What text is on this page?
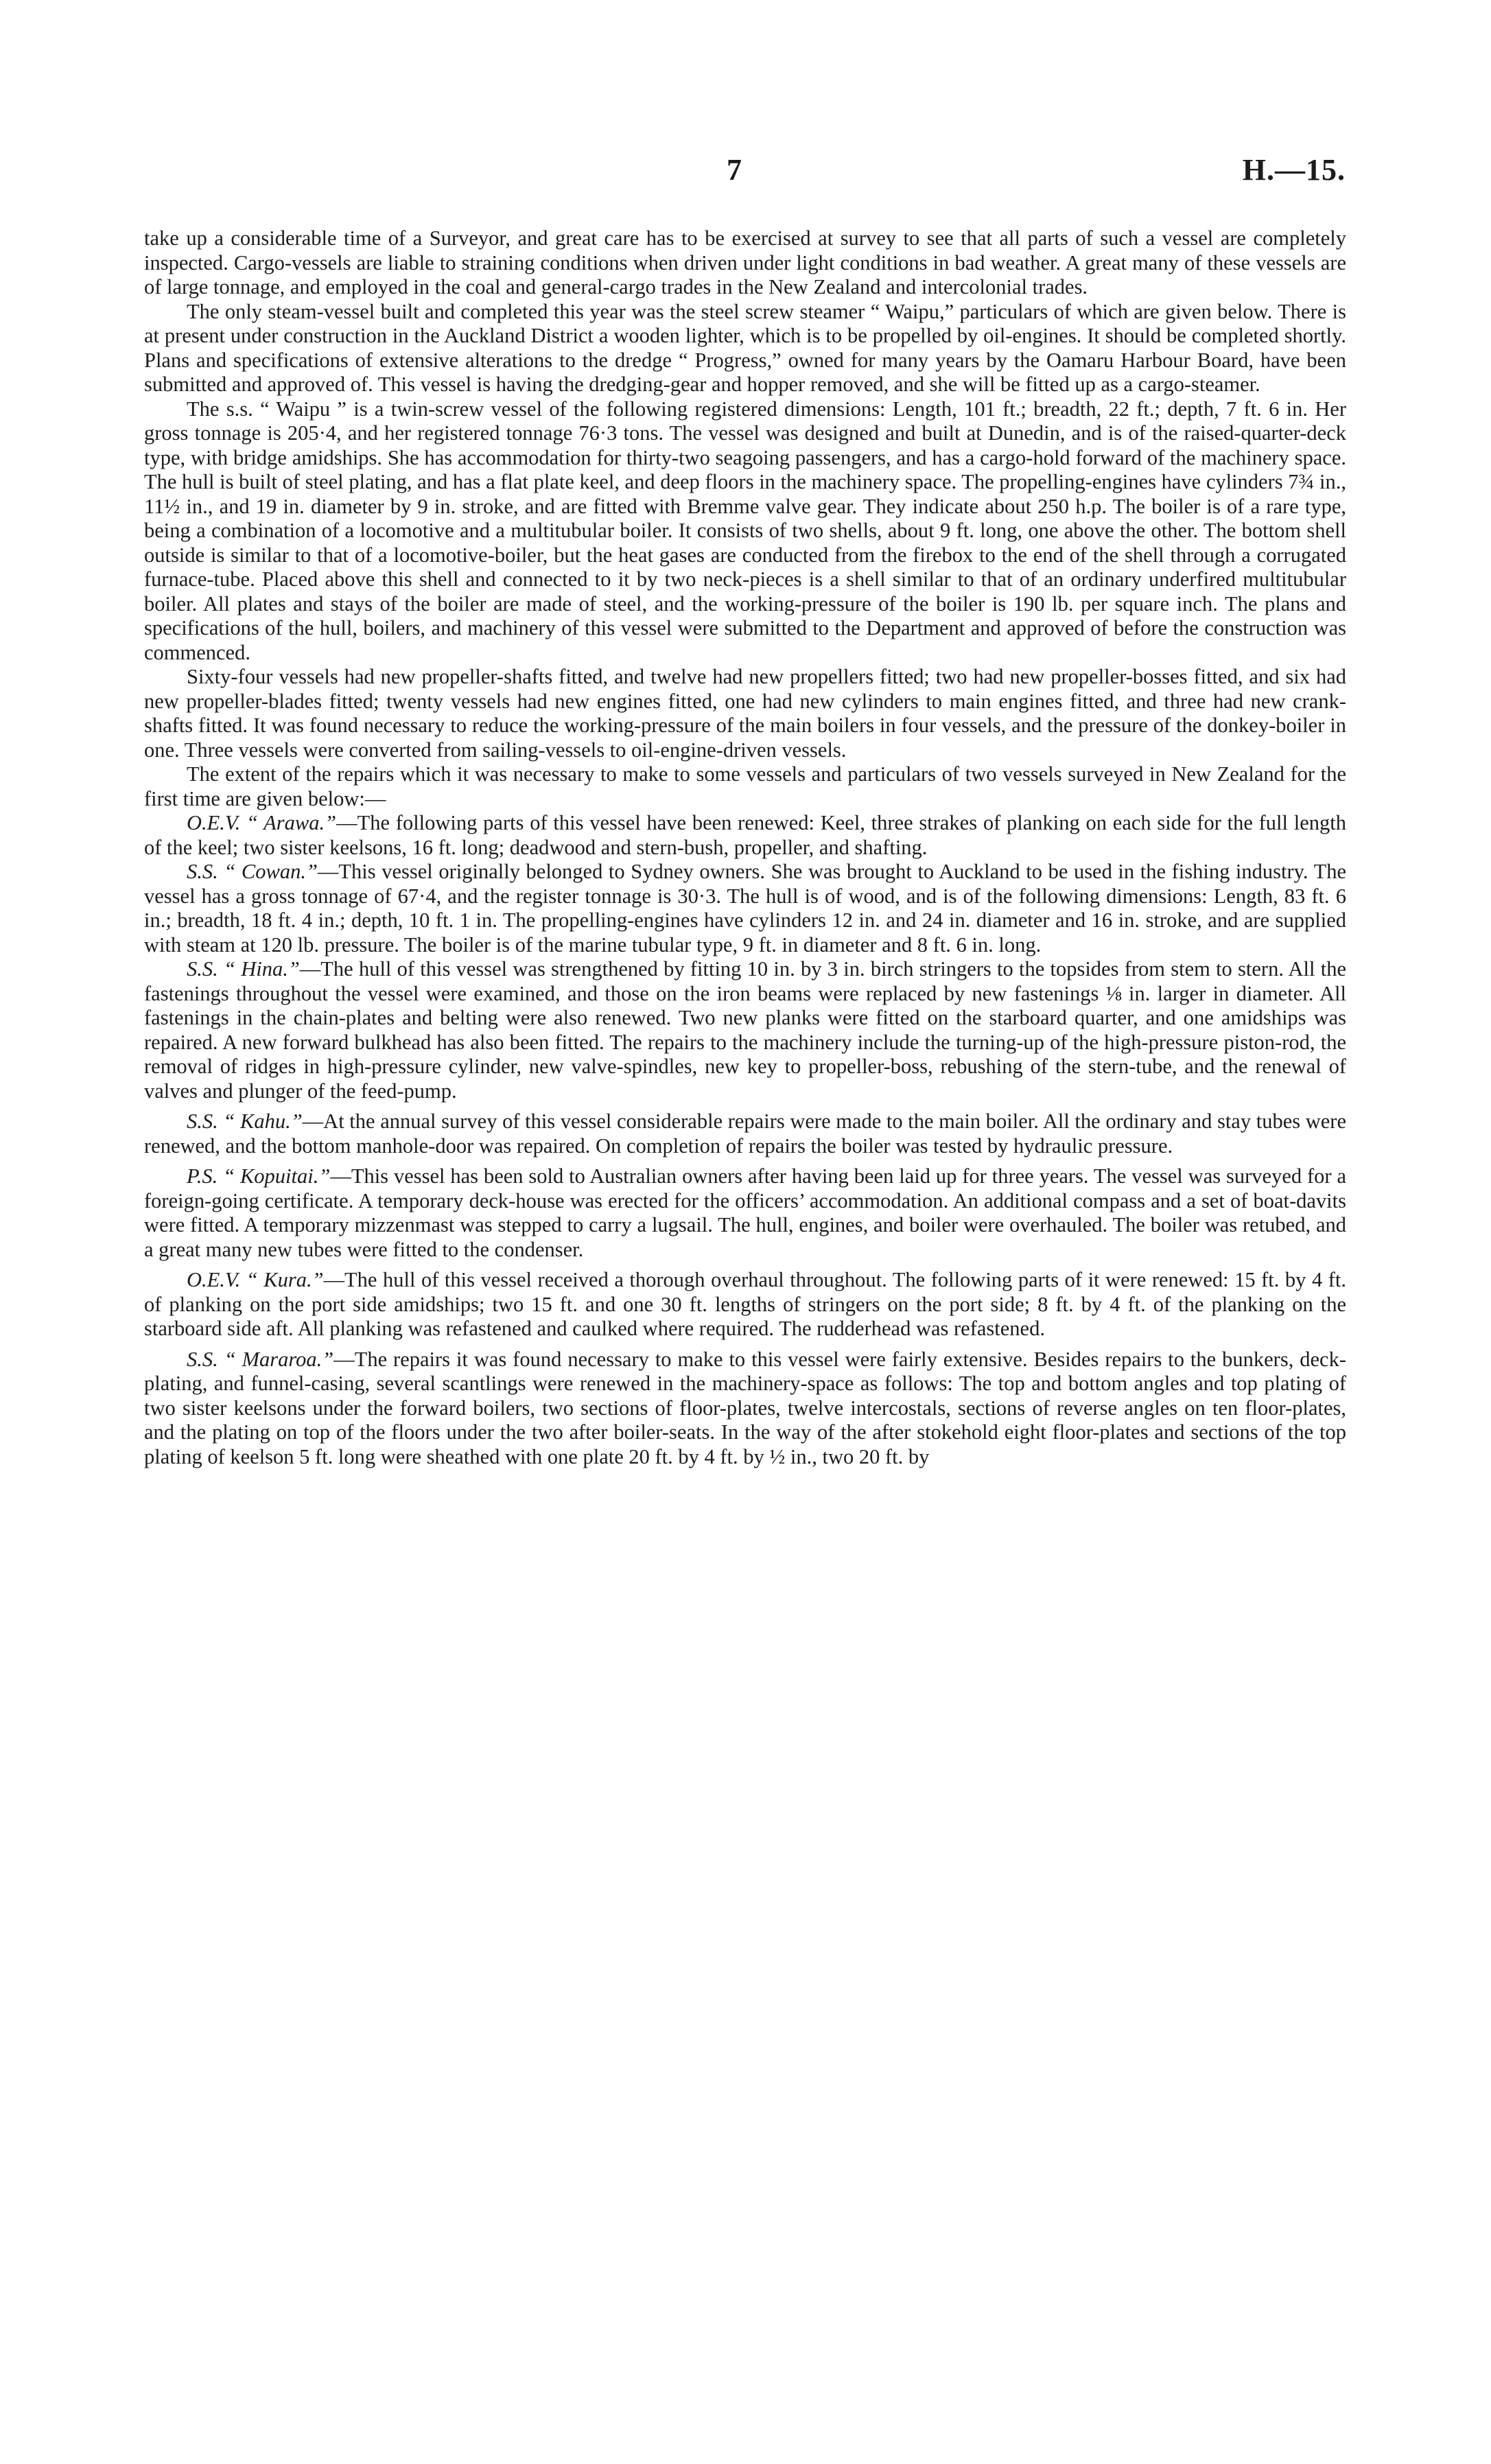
7	H.—15.

take up a considerable time of a Surveyor, and great care has to be exercised at survey to see that all parts of such a vessel are completely inspected. Cargo-vessels are liable to straining conditions when driven under light conditions in bad weather. A great many of these vessels are of large tonnage, and employed in the coal and general-cargo trades in the New Zealand and intercolonial trades.

The only steam-vessel built and completed this year was the steel screw steamer “ Waipu,” particulars of which are given below. There is at present under construction in the Auckland District a wooden lighter, which is to be propelled by oil-engines. It should be completed shortly. Plans and specifications of extensive alterations to the dredge “ Progress,” owned for many years by the Oamaru Harbour Board, have been submitted and approved of. This vessel is having the dredging-gear and hopper removed, and she will be fitted up as a cargo-steamer.

The s.s. “ Waipu ” is a twin-screw vessel of the following registered dimensions: Length, 101 ft.; breadth, 22 ft.; depth, 7 ft. 6 in. Her gross tonnage is 205·4, and her registered tonnage 76·3 tons. The vessel was designed and built at Dunedin, and is of the raised-quarter-deck type, with bridge amidships. She has accommodation for thirty-two seagoing passengers, and has a cargo-hold forward of the machinery space. The hull is built of steel plating, and has a flat plate keel, and deep floors in the machinery space. The propelling-engines have cylinders 7¾ in., 11½ in., and 19 in. diameter by 9 in. stroke, and are fitted with Bremme valve gear. They indicate about 250 h.p. The boiler is of a rare type, being a combination of a locomotive and a multitubular boiler. It consists of two shells, about 9 ft. long, one above the other. The bottom shell outside is similar to that of a locomotive-boiler, but the heat gases are conducted from the firebox to the end of the shell through a corrugated furnace-tube. Placed above this shell and connected to it by two neck-pieces is a shell similar to that of an ordinary underfired multitubular boiler. All plates and stays of the boiler are made of steel, and the working-pressure of the boiler is 190 lb. per square inch. The plans and specifications of the hull, boilers, and machinery of this vessel were submitted to the Department and approved of before the construction was commenced.

Sixty-four vessels had new propeller-shafts fitted, and twelve had new propellers fitted; two had new propeller-bosses fitted, and six had new propeller-blades fitted; twenty vessels had new engines fitted, one had new cylinders to main engines fitted, and three had new crank-shafts fitted. It was found necessary to reduce the working-pressure of the main boilers in four vessels, and the pressure of the donkey-boiler in one. Three vessels were converted from sailing-vessels to oil-engine-driven vessels.

The extent of the repairs which it was necessary to make to some vessels and particulars of two vessels surveyed in New Zealand for the first time are given below:—

O.E.V. “ Arawa.”—The following parts of this vessel have been renewed: Keel, three strakes of planking on each side for the full length of the keel; two sister keelsons, 16 ft. long; deadwood and stern-bush, propeller, and shafting.

S.S. “ Cowan.”—This vessel originally belonged to Sydney owners. She was brought to Auckland to be used in the fishing industry. The vessel has a gross tonnage of 67·4, and the register tonnage is 30·3. The hull is of wood, and is of the following dimensions: Length, 83 ft. 6 in.; breadth, 18 ft. 4 in.; depth, 10 ft. 1 in. The propelling-engines have cylinders 12 in. and 24 in. diameter and 16 in. stroke, and are supplied with steam at 120 lb. pressure. The boiler is of the marine tubular type, 9 ft. in diameter and 8 ft. 6 in. long.

S.S. “ Hina.”—The hull of this vessel was strengthened by fitting 10 in. by 3 in. birch stringers to the topsides from stem to stern. All the fastenings throughout the vessel were examined, and those on the iron beams were replaced by new fastenings ⅛ in. larger in diameter. All fastenings in the chain-plates and belting were also renewed. Two new planks were fitted on the starboard quarter, and one amidships was repaired. A new forward bulkhead has also been fitted. The repairs to the machinery include the turning-up of the high-pressure piston-rod, the removal of ridges in high-pressure cylinder, new valve-spindles, new key to propeller-boss, rebushing of the stern-tube, and the renewal of valves and plunger of the feed-pump.

S.S. “ Kahu.”—At the annual survey of this vessel considerable repairs were made to the main boiler. All the ordinary and stay tubes were renewed, and the bottom manhole-door was repaired. On completion of repairs the boiler was tested by hydraulic pressure.

P.S. “ Kopuitai.”—This vessel has been sold to Australian owners after having been laid up for three years. The vessel was surveyed for a foreign-going certificate. A temporary deck-house was erected for the officers’ accommodation. An additional compass and a set of boat-davits were fitted. A temporary mizzenmast was stepped to carry a lugsail. The hull, engines, and boiler were overhauled. The boiler was retubed, and a great many new tubes were fitted to the condenser.

O.E.V. “ Kura.”—The hull of this vessel received a thorough overhaul throughout. The following parts of it were renewed: 15 ft. by 4 ft. of planking on the port side amidships; two 15 ft. and one 30 ft. lengths of stringers on the port side; 8 ft. by 4 ft. of the planking on the starboard side aft. All planking was refastened and caulked where required. The rudderhead was refastened.

S.S. “ Mararoa.”—The repairs it was found necessary to make to this vessel were fairly extensive. Besides repairs to the bunkers, deck-plating, and funnel-casing, several scantlings were renewed in the machinery-space as follows: The top and bottom angles and top plating of two sister keelsons under the forward boilers, two sections of floor-plates, twelve intercostals, sections of reverse angles on ten floor-plates, and the plating on top of the floors under the two after boiler-seats. In the way of the after stokehold eight floor-plates and sections of the top plating of keelson 5 ft. long were sheathed with one plate 20 ft. by 4 ft. by ½ in., two 20 ft. by
